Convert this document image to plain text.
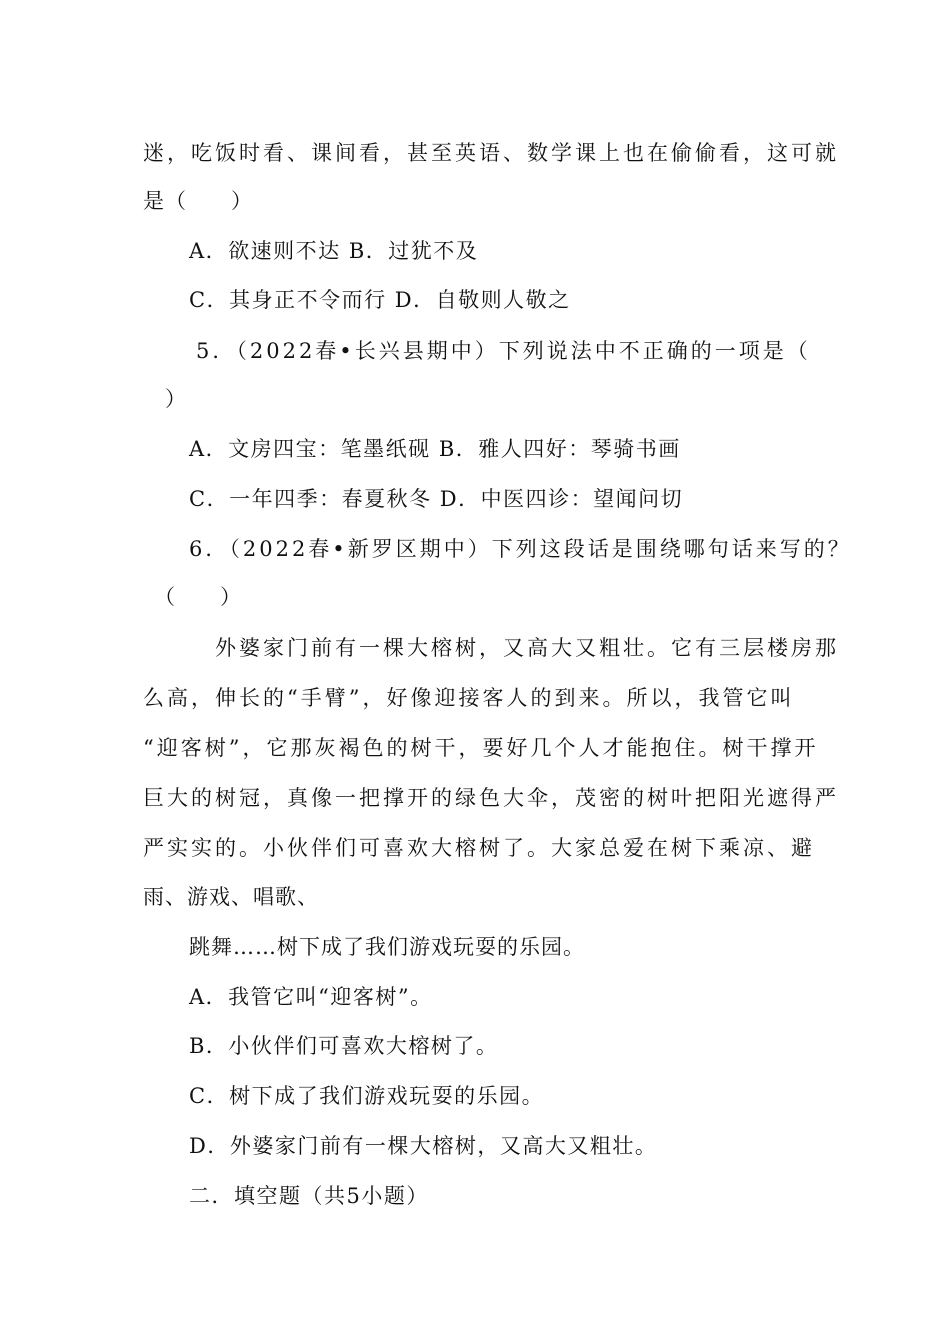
迷，吃饭时看、课间看，甚至英语、数学课上也在偷偷看，这可就
是（　　）
A．欲速则不达 B．过犹不及
C．其身正不令而行 D．自敬则人敬之
5．（2022春•长兴县期中）下列说法中不正确的一项是（
）
A．文房四宝：笔墨纸砚 B．雅人四好：琴骑书画
C．一年四季：春夏秋冬 D．中医四诊：望闻问切
6．（2022春•新罗区期中）下列这段话是围绕哪句话来写的？
（　　）
外婆家门前有一棵大榕树，又高大又粗壮。它有三层楼房那
么高，伸长的“手臂”，好像迎接客人的到来。所以，我管它叫
“迎客树”，它那灰褐色的树干，要好几个人才能抱住。树干撑开
巨大的树冠，真像一把撑开的绿色大伞，茂密的树叶把阳光遮得严
严实实的。小伙伴们可喜欢大榕树了。大家总爱在树下乘凉、避
雨、游戏、唱歌、
跳舞……树下成了我们游戏玩耍的乐园。
A．我管它叫“迎客树”。
B．小伙伴们可喜欢大榕树了。
C．树下成了我们游戏玩耍的乐园。
D．外婆家门前有一棵大榕树，又高大又粗壮。
二．填空题（共5小题）
